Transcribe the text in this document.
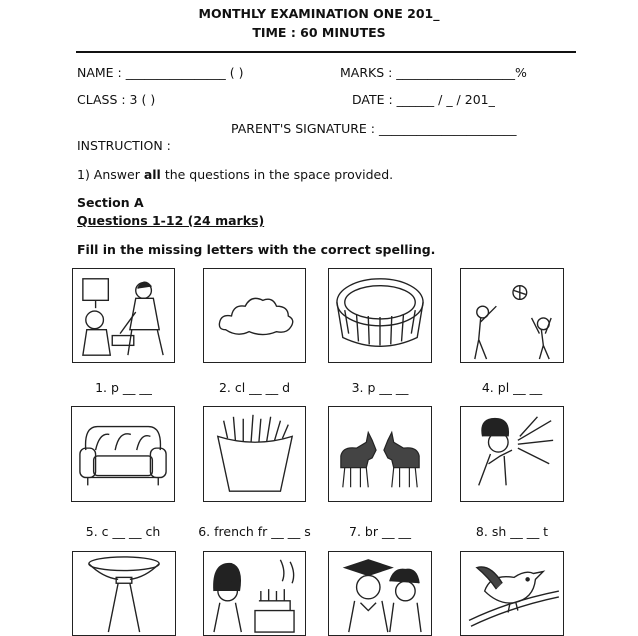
MONTHLY EXAMINATION ONE 201_
TIME : 60 MINUTES
NAME : ________________ ( )	MARKS : ___________________%
CLASS : 3 ( )	DATE : ______ / _ / 201_
PARENT'S SIGNATURE : ______________________
INSTRUCTION :
1) Answer all the questions in the space provided.
Section A
Questions 1-12 (24 marks)
Fill in the missing letters with the correct spelling.
1. p __ __	2. cl __ __ d	3. p __ __	4. pl __ __
5. c __ __ ch	6. french fr __ __ s	7. br __ __	8. sh __ __ t
